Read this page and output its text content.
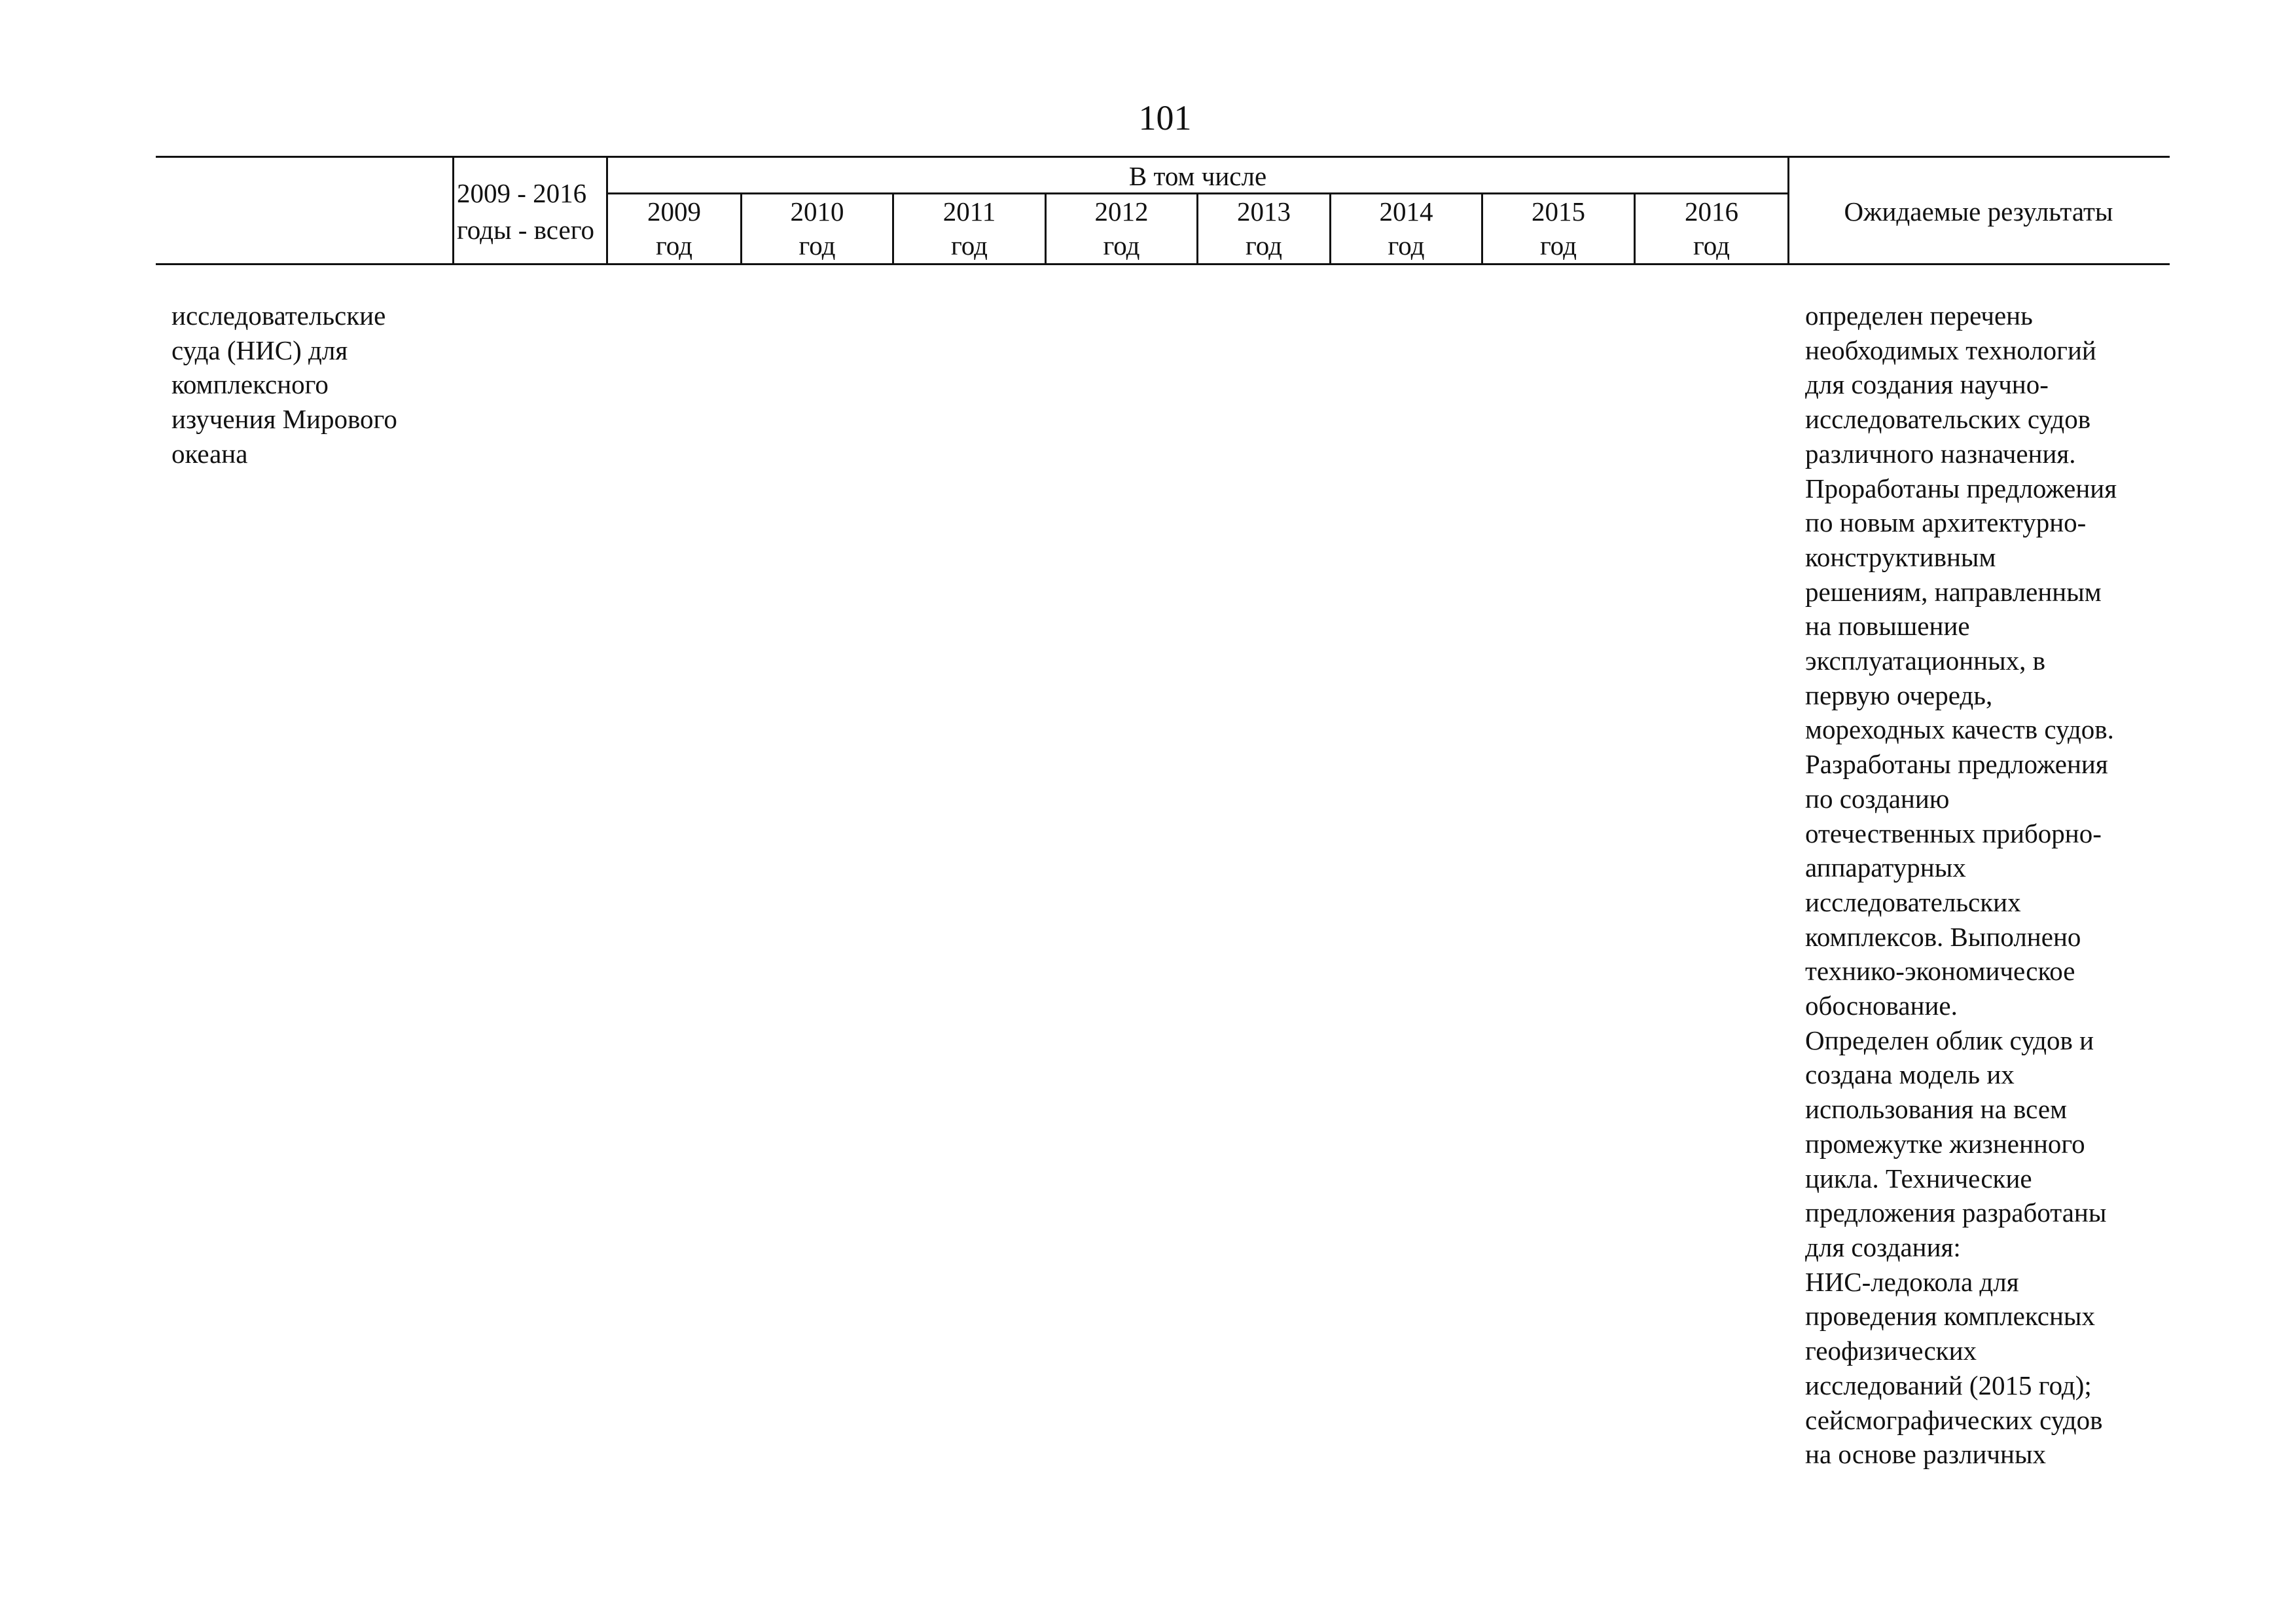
101
2009 - 2016
годы - всего
В том числе
2009
год
2010
год
2011
год
2012
год
2013
год
2014
год
2015
год
2016
год
Ожидаемые результаты
исследовательские
суда (НИС) для
комплексного
изучения Мирового
океана
определен перечень
необходимых технологий
для создания научно-
исследовательских судов
различного назначения.
Проработаны предложения
по новым архитектурно-
конструктивным
решениям, направленным
на повышение
эксплуатационных, в
первую очередь,
мореходных качеств судов.
Разработаны предложения
по созданию
отечественных приборно-
аппаратурных
исследовательских
комплексов. Выполнено
технико-экономическое
обоснование.
Определен облик судов и
создана модель их
использования на всем
промежутке жизненного
цикла. Технические
предложения разработаны
для создания:
НИС-ледокола для
проведения комплексных
геофизических
исследований (2015 год);
сейсмографических судов
на основе различных
